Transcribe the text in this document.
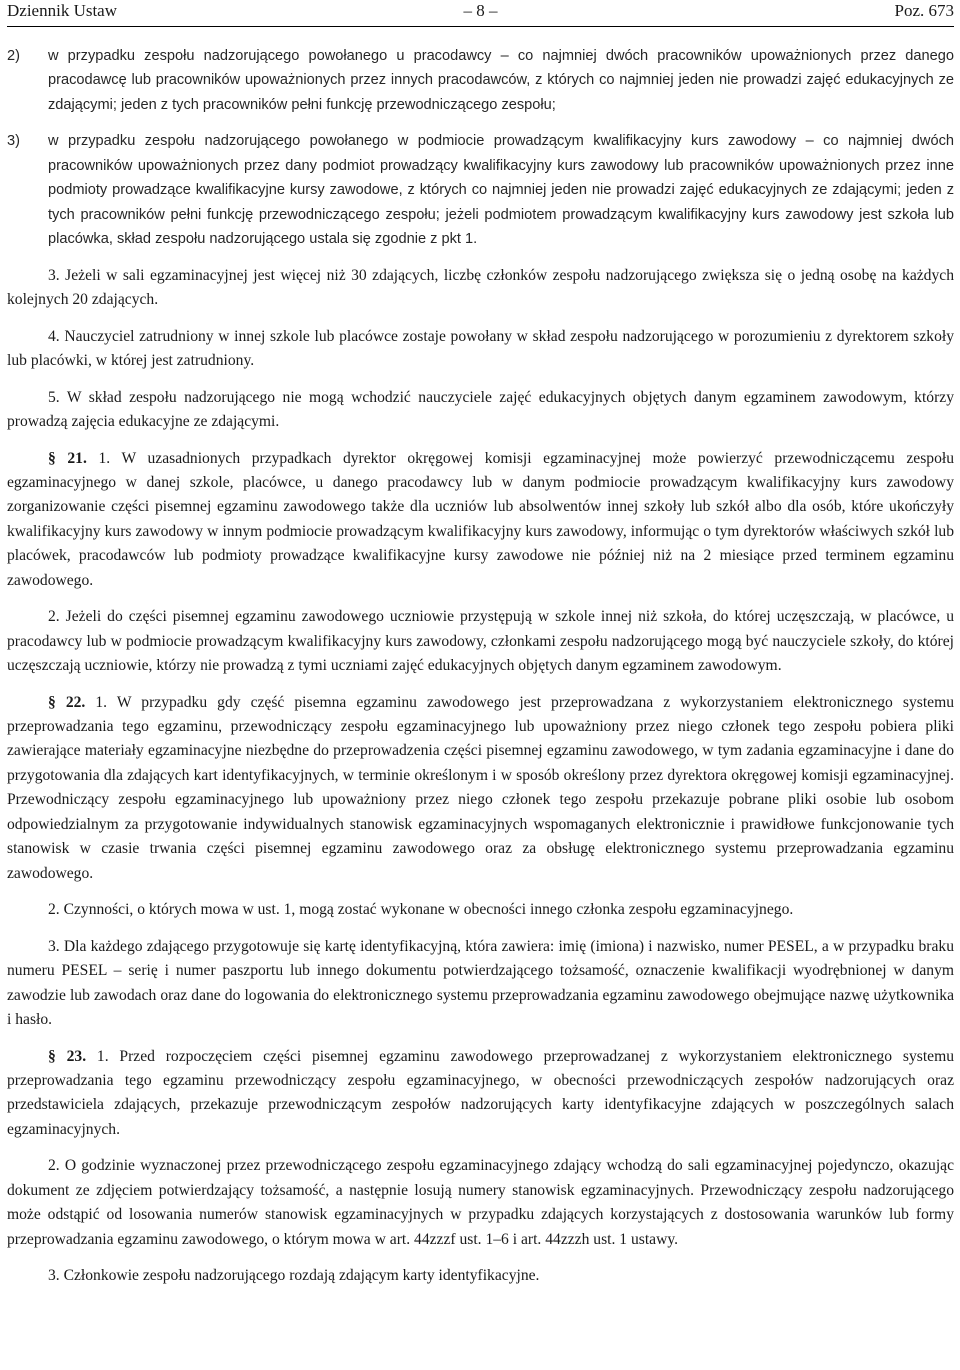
Dziennik Ustaw	– 8 –	Poz. 673

2) w przypadku zespołu nadzorującego powołanego u pracodawcy – co najmniej dwóch pracowników upoważnionych przez danego pracodawcę lub pracowników upoważnionych przez innych pracodawców, z których co najmniej jeden nie prowadzi zajęć edukacyjnych ze zdającymi; jeden z tych pracowników pełni funkcję przewodniczącego zespołu;

3) w przypadku zespołu nadzorującego powołanego w podmiocie prowadzącym kwalifikacyjny kurs zawodowy – co najmniej dwóch pracowników upoważnionych przez dany podmiot prowadzący kwalifikacyjny kurs zawodowy lub pracowników upoważnionych przez inne podmioty prowadzące kwalifikacyjne kursy zawodowe, z których co najmniej jeden nie prowadzi zajęć edukacyjnych ze zdającymi; jeden z tych pracowników pełni funkcję przewodniczącego zespołu; jeżeli podmiotem prowadzącym kwalifikacyjny kurs zawodowy jest szkoła lub placówka, skład zespołu nadzorującego ustala się zgodnie z pkt 1.

3. Jeżeli w sali egzaminacyjnej jest więcej niż 30 zdających, liczbę członków zespołu nadzorującego zwiększa się o jedną osobę na każdych kolejnych 20 zdających.

4. Nauczyciel zatrudniony w innej szkole lub placówce zostaje powołany w skład zespołu nadzorującego w porozumieniu z dyrektorem szkoły lub placówki, w której jest zatrudniony.

5. W skład zespołu nadzorującego nie mogą wchodzić nauczyciele zajęć edukacyjnych objętych danym egzaminem zawodowym, którzy prowadzą zajęcia edukacyjne ze zdającymi.

§ 21. 1. W uzasadnionych przypadkach dyrektor okręgowej komisji egzaminacyjnej może powierzyć przewodniczącemu zespołu egzaminacyjnego w danej szkole, placówce, u danego pracodawcy lub w danym podmiocie prowadzącym kwalifikacyjny kurs zawodowy zorganizowanie części pisemnej egzaminu zawodowego także dla uczniów lub absolwentów innej szkoły lub szkół albo dla osób, które ukończyły kwalifikacyjny kurs zawodowy w innym podmiocie prowadzącym kwalifikacyjny kurs zawodowy, informując o tym dyrektorów właściwych szkół lub placówek, pracodawców lub podmioty prowadzące kwalifikacyjne kursy zawodowe nie później niż na 2 miesiące przed terminem egzaminu zawodowego.

2. Jeżeli do części pisemnej egzaminu zawodowego uczniowie przystępują w szkole innej niż szkoła, do której uczęszczają, w placówce, u pracodawcy lub w podmiocie prowadzącym kwalifikacyjny kurs zawodowy, członkami zespołu nadzorującego mogą być nauczyciele szkoły, do której uczęszczają uczniowie, którzy nie prowadzą z tymi uczniami zajęć edukacyjnych objętych danym egzaminem zawodowym.

§ 22. 1. W przypadku gdy część pisemna egzaminu zawodowego jest przeprowadzana z wykorzystaniem elektronicznego systemu przeprowadzania tego egzaminu, przewodniczący zespołu egzaminacyjnego lub upoważniony przez niego członek tego zespołu pobiera pliki zawierające materiały egzaminacyjne niezbędne do przeprowadzenia części pisemnej egzaminu zawodowego, w tym zadania egzaminacyjne i dane do przygotowania dla zdających kart identyfikacyjnych, w terminie określonym i w sposób określony przez dyrektora okręgowej komisji egzaminacyjnej. Przewodniczący zespołu egzaminacyjnego lub upoważniony przez niego członek tego zespołu przekazuje pobrane pliki osobie lub osobom odpowiedzialnym za przygotowanie indywidualnych stanowisk egzaminacyjnych wspomaganych elektronicznie i prawidłowe funkcjonowanie tych stanowisk w czasie trwania części pisemnej egzaminu zawodowego oraz za obsługę elektronicznego systemu przeprowadzania egzaminu zawodowego.

2. Czynności, o których mowa w ust. 1, mogą zostać wykonane w obecności innego członka zespołu egzaminacyjnego.

3. Dla każdego zdającego przygotowuje się kartę identyfikacyjną, która zawiera: imię (imiona) i nazwisko, numer PESEL, a w przypadku braku numeru PESEL – serię i numer paszportu lub innego dokumentu potwierdzającego tożsamość, oznaczenie kwalifikacji wyodrębnionej w danym zawodzie lub zawodach oraz dane do logowania do elektronicznego systemu przeprowadzania egzaminu zawodowego obejmujące nazwę użytkownika i hasło.

§ 23. 1. Przed rozpoczęciem części pisemnej egzaminu zawodowego przeprowadzanej z wykorzystaniem elektronicznego systemu przeprowadzania tego egzaminu przewodniczący zespołu egzaminacyjnego, w obecności przewodniczących zespołów nadzorujących oraz przedstawiciela zdających, przekazuje przewodniczącym zespołów nadzorujących karty identyfikacyjne zdających w poszczególnych salach egzaminacyjnych.

2. O godzinie wyznaczonej przez przewodniczącego zespołu egzaminacyjnego zdający wchodzą do sali egzaminacyjnej pojedynczo, okazując dokument ze zdjęciem potwierdzający tożsamość, a następnie losują numery stanowisk egzaminacyjnych. Przewodniczący zespołu nadzorującego może odstąpić od losowania numerów stanowisk egzaminacyjnych w przypadku zdających korzystających z dostosowania warunków lub formy przeprowadzania egzaminu zawodowego, o którym mowa w art. 44zzzf ust. 1–6 i art. 44zzzh ust. 1 ustawy.

3. Członkowie zespołu nadzorującego rozdają zdającym karty identyfikacyjne.
